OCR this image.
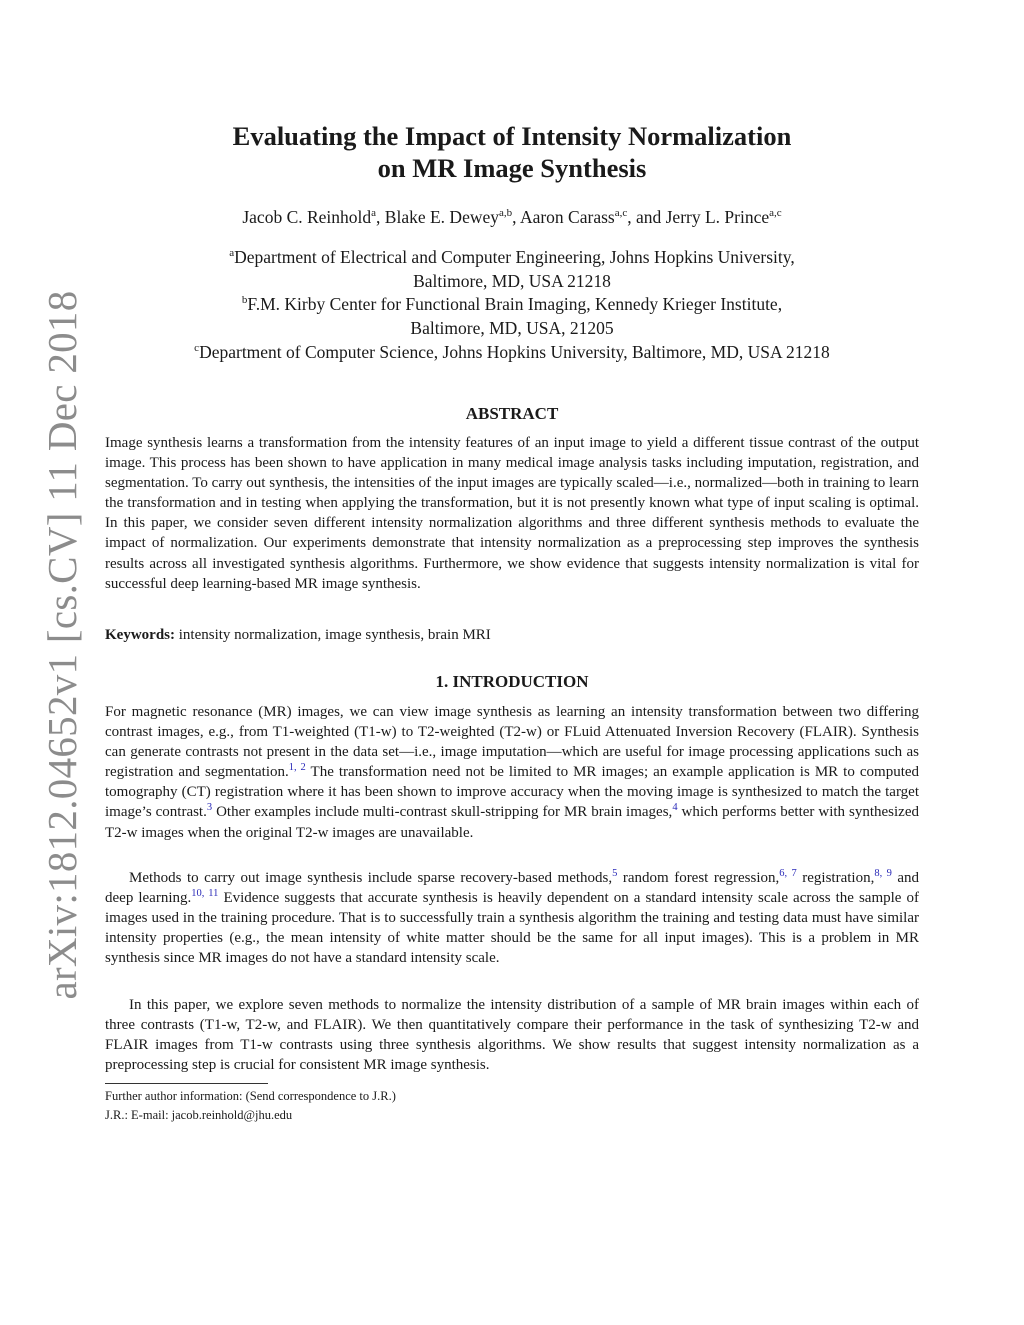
arXiv:1812.04652v1 [cs.CV] 11 Dec 2018
Evaluating the Impact of Intensity Normalization
on MR Image Synthesis
Jacob C. Reinhold$^a$, Blake E. Dewey$^{a,b}$, Aaron Carass$^{a,c}$, and Jerry L. Prince$^{a,c}$
$^a$Department of Electrical and Computer Engineering, Johns Hopkins University,
Baltimore, MD, USA 21218
$^b$F.M. Kirby Center for Functional Brain Imaging, Kennedy Krieger Institute,
Baltimore, MD, USA, 21205
$^c$Department of Computer Science, Johns Hopkins University, Baltimore, MD, USA 21218
ABSTRACT
Image synthesis learns a transformation from the intensity features of an input image to yield a different tissue contrast of the output image. This process has been shown to have application in many medical image analysis tasks including imputation, registration, and segmentation. To carry out synthesis, the intensities of the input images are typically scaled—i.e., normalized—both in training to learn the transformation and in testing when applying the transformation, but it is not presently known what type of input scaling is optimal. In this paper, we consider seven different intensity normalization algorithms and three different synthesis methods to evaluate the impact of normalization. Our experiments demonstrate that intensity normalization as a preprocessing step improves the synthesis results across all investigated synthesis algorithms. Furthermore, we show evidence that suggests intensity normalization is vital for successful deep learning-based MR image synthesis.
Keywords: intensity normalization, image synthesis, brain MRI
1. INTRODUCTION
For magnetic resonance (MR) images, we can view image synthesis as learning an intensity transformation between two differing contrast images, e.g., from T1-weighted (T1-w) to T2-weighted (T2-w) or FLuid Attenuated Inversion Recovery (FLAIR). Synthesis can generate contrasts not present in the data set—i.e., image imputation—which are useful for image processing applications such as registration and segmentation.$^{1, 2}$ The transformation need not be limited to MR images; an example application is MR to computed tomography (CT) registration where it has been shown to improve accuracy when the moving image is synthesized to match the target image’s contrast.$^3$ Other examples include multi-contrast skull-stripping for MR brain images,$^4$ which performs better with synthesized T2-w images when the original T2-w images are unavailable.
Methods to carry out image synthesis include sparse recovery-based methods,$^5$ random forest regression,$^{6, 7}$ registration,$^{8, 9}$ and deep learning.$^{10, 11}$ Evidence suggests that accurate synthesis is heavily dependent on a standard intensity scale across the sample of images used in the training procedure. That is to successfully train a synthesis algorithm the training and testing data must have similar intensity properties (e.g., the mean intensity of white matter should be the same for all input images). This is a problem in MR synthesis since MR images do not have a standard intensity scale.
In this paper, we explore seven methods to normalize the intensity distribution of a sample of MR brain images within each of three contrasts (T1-w, T2-w, and FLAIR). We then quantitatively compare their performance in the task of synthesizing T2-w and FLAIR images from T1-w contrasts using three synthesis algorithms. We show results that suggest intensity normalization as a preprocessing step is crucial for consistent MR image synthesis.
Further author information: (Send correspondence to J.R.)
J.R.: E-mail: jacob.reinhold@jhu.edu
